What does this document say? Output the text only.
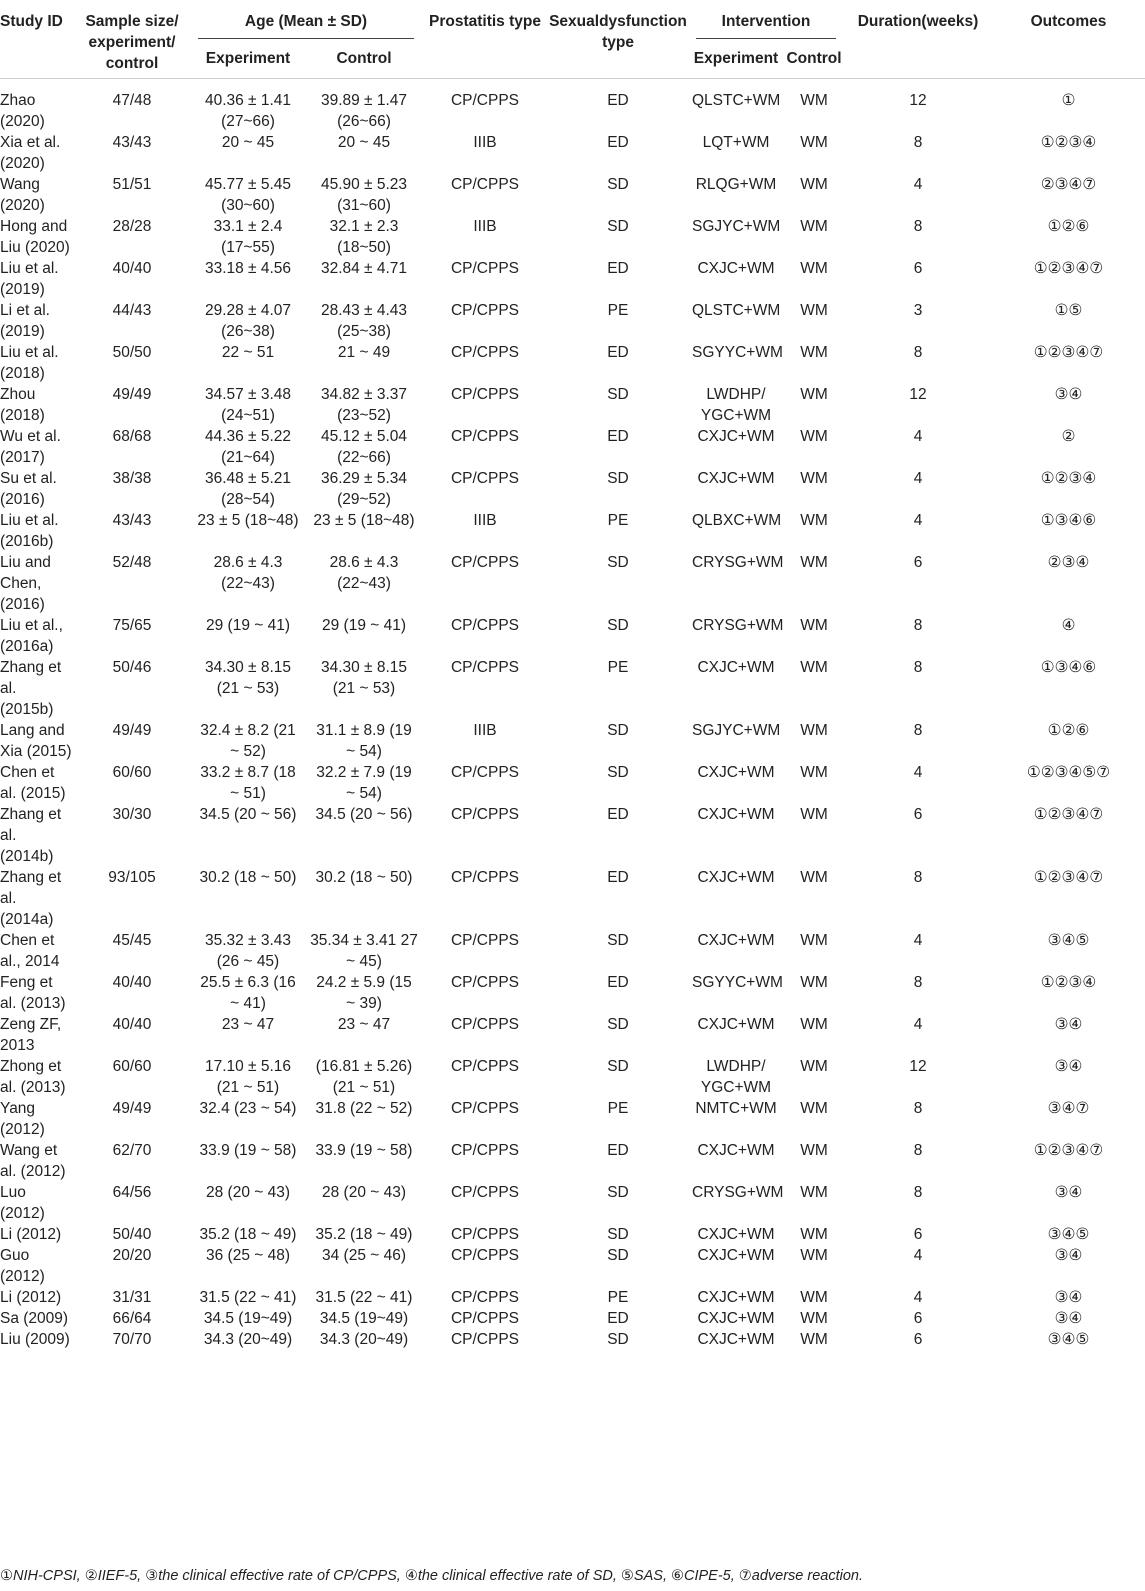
Study ID	Sample size/ experiment/ control	Age (Mean ± SD)		Prostatitis type	Sexualdysfunction type	Intervention		Duration(weeks)	Outcomes
		Experiment	Control			Experiment	Control		
Zhao (2020)	47/48	40.36 ± 1.41 (27~66)	39.89 ± 1.47 (26~66)	CP/CPPS	ED	QLSTC+WM	WM	12	①
Xia et al. (2020)	43/43	20 ~ 45	20 ~ 45	IIIB	ED	LQT+WM	WM	8	①②③④
Wang (2020)	51/51	45.77 ± 5.45 (30~60)	45.90 ± 5.23 (31~60)	CP/CPPS	SD	RLQG+WM	WM	4	②③④⑦
Hong and Liu (2020)	28/28	33.1 ± 2.4 (17~55)	32.1 ± 2.3 (18~50)	IIIB	SD	SGJYC+WM	WM	8	①②⑥
Liu et al. (2019)	40/40	33.18 ± 4.56	32.84 ± 4.71	CP/CPPS	ED	CXJC+WM	WM	6	①②③④⑦
Li et al. (2019)	44/43	29.28 ± 4.07 (26~38)	28.43 ± 4.43 (25~38)	CP/CPPS	PE	QLSTC+WM	WM	3	①⑤
Liu et al. (2018)	50/50	22 ~ 51	21 ~ 49	CP/CPPS	ED	SGYYC+WM	WM	8	①②③④⑦
Zhou (2018)	49/49	34.57 ± 3.48 (24~51)	34.82 ± 3.37 (23~52)	CP/CPPS	SD	LWDHP/ YGC+WM	WM	12	③④
Wu et al. (2017)	68/68	44.36 ± 5.22 (21~64)	45.12 ± 5.04 (22~66)	CP/CPPS	ED	CXJC+WM	WM	4	②
Su et al. (2016)	38/38	36.48 ± 5.21 (28~54)	36.29 ± 5.34 (29~52)	CP/CPPS	SD	CXJC+WM	WM	4	①②③④
Liu et al. (2016b)	43/43	23 ± 5 (18~48)	23 ± 5 (18~48)	IIIB	PE	QLBXC+WM	WM	4	①③④⑥
Liu and Chen, (2016)	52/48	28.6 ± 4.3 (22~43)	28.6 ± 4.3 (22~43)	CP/CPPS	SD	CRYSG+WM	WM	6	②③④
Liu et al., (2016a)	75/65	29 (19 ~ 41)	29 (19 ~ 41)	CP/CPPS	SD	CRYSG+WM	WM	8	④
Zhang et al. (2015b)	50/46	34.30 ± 8.15 (21 ~ 53)	34.30 ± 8.15 (21 ~ 53)	CP/CPPS	PE	CXJC+WM	WM	8	①③④⑥
Lang and Xia (2015)	49/49	32.4 ± 8.2 (21 ~ 52)	31.1 ± 8.9 (19 ~ 54)	IIIB	SD	SGJYC+WM	WM	8	①②⑥
Chen et al. (2015)	60/60	33.2 ± 8.7 (18 ~ 51)	32.2 ± 7.9 (19 ~ 54)	CP/CPPS	SD	CXJC+WM	WM	4	①②③④⑤⑦
Zhang et al. (2014b)	30/30	34.5 (20 ~ 56)	34.5 (20 ~ 56)	CP/CPPS	ED	CXJC+WM	WM	6	①②③④⑦
Zhang et al. (2014a)	93/105	30.2 (18 ~ 50)	30.2 (18 ~ 50)	CP/CPPS	ED	CXJC+WM	WM	8	①②③④⑦
Chen et al., 2014	45/45	35.32 ± 3.43 (26 ~ 45)	35.34 ± 3.41 27 ~ 45)	CP/CPPS	SD	CXJC+WM	WM	4	③④⑤
Feng et al. (2013)	40/40	25.5 ± 6.3 (16 ~ 41)	24.2 ± 5.9 (15 ~ 39)	CP/CPPS	ED	SGYYC+WM	WM	8	①②③④
Zeng ZF, 2013	40/40	23 ~ 47	23 ~ 47	CP/CPPS	SD	CXJC+WM	WM	4	③④
Zhong et al. (2013)	60/60	17.10 ± 5.16 (21 ~ 51)	(16.81 ± 5.26) (21 ~ 51)	CP/CPPS	SD	LWDHP/ YGC+WM	WM	12	③④
Yang (2012)	49/49	32.4 (23 ~ 54)	31.8 (22 ~ 52)	CP/CPPS	PE	NMTC+WM	WM	8	③④⑦
Wang et al. (2012)	62/70	33.9 (19 ~ 58)	33.9 (19 ~ 58)	CP/CPPS	ED	CXJC+WM	WM	8	①②③④⑦
Luo (2012)	64/56	28 (20 ~ 43)	28 (20 ~ 43)	CP/CPPS	SD	CRYSG+WM	WM	8	③④
Li (2012)	50/40	35.2 (18 ~ 49)	35.2 (18 ~ 49)	CP/CPPS	SD	CXJC+WM	WM	6	③④⑤
Guo (2012)	20/20	36 (25 ~ 48)	34 (25 ~ 46)	CP/CPPS	SD	CXJC+WM	WM	4	③④
Li (2012)	31/31	31.5 (22 ~ 41)	31.5 (22 ~ 41)	CP/CPPS	PE	CXJC+WM	WM	4	③④
Sa (2009)	66/64	34.5 (19~49)	34.5 (19~49)	CP/CPPS	ED	CXJC+WM	WM	6	③④
Liu (2009)	70/70	34.3 (20~49)	34.3 (20~49)	CP/CPPS	SD	CXJC+WM	WM	6	③④⑤
①NIH-CPSI, ②IIEF-5, ③the clinical effective rate of CP/CPPS, ④the clinical effective rate of SD, ⑤SAS, ⑥CIPE-5, ⑦adverse reaction.
